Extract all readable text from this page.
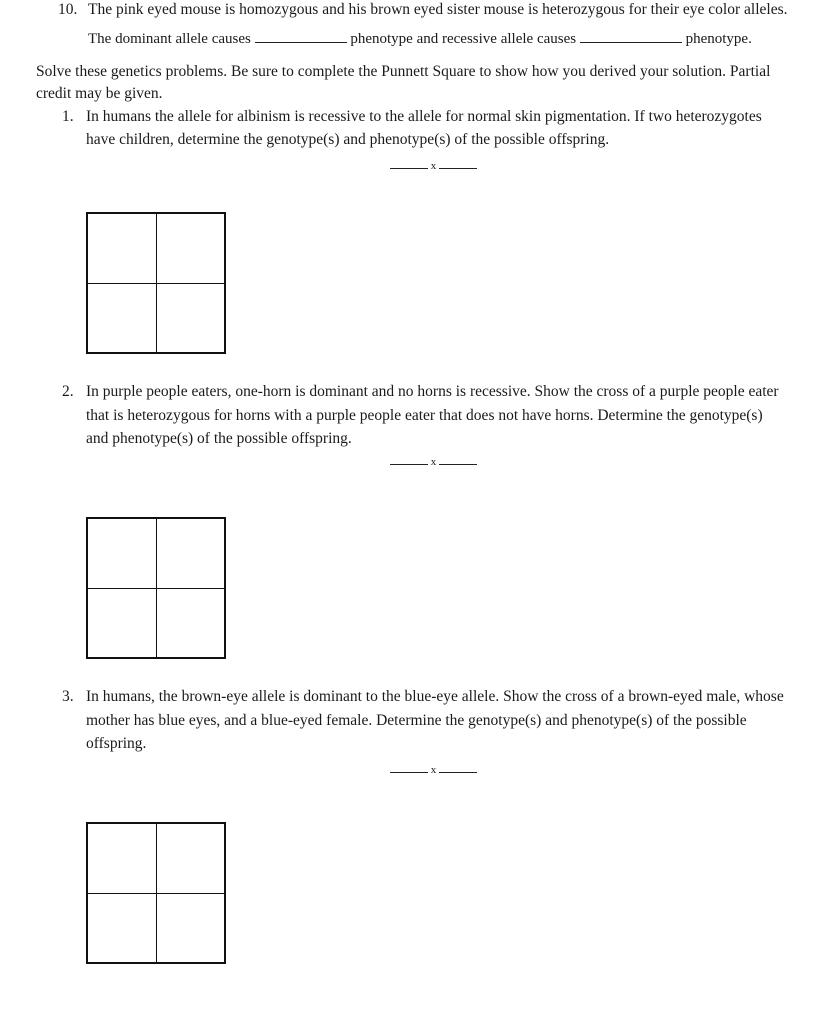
10. The pink eyed mouse is homozygous and his brown eyed sister mouse is heterozygous for their eye color alleles.
The dominant allele causes	phenotype and recessive allele causes	phenotype.
Solve these genetics problems. Be sure to complete the Punnett Square to show how you derived your solution. Partial
credit may be given.
1. In humans the allele for albinism is recessive to the allele for normal skin pigmentation. If two heterozygotes
have children, determine the genotype(s) and phenotype(s) of the possible offspring.
x
2. In purple people eaters, one-horn is dominant and no horns is recessive. Show the cross of a purple people eater
that is heterozygous for horns with a purple people eater that does not have horns. Determine the genotype(s)
and phenotype(s) of the possible offspring.
x
3. In humans, the brown-eye allele is dominant to the blue-eye allele. Show the cross of a brown-eyed male, whose
mother has blue eyes, and a blue-eyed female. Determine the genotype(s) and phenotype(s) of the possible
offspring.
x
